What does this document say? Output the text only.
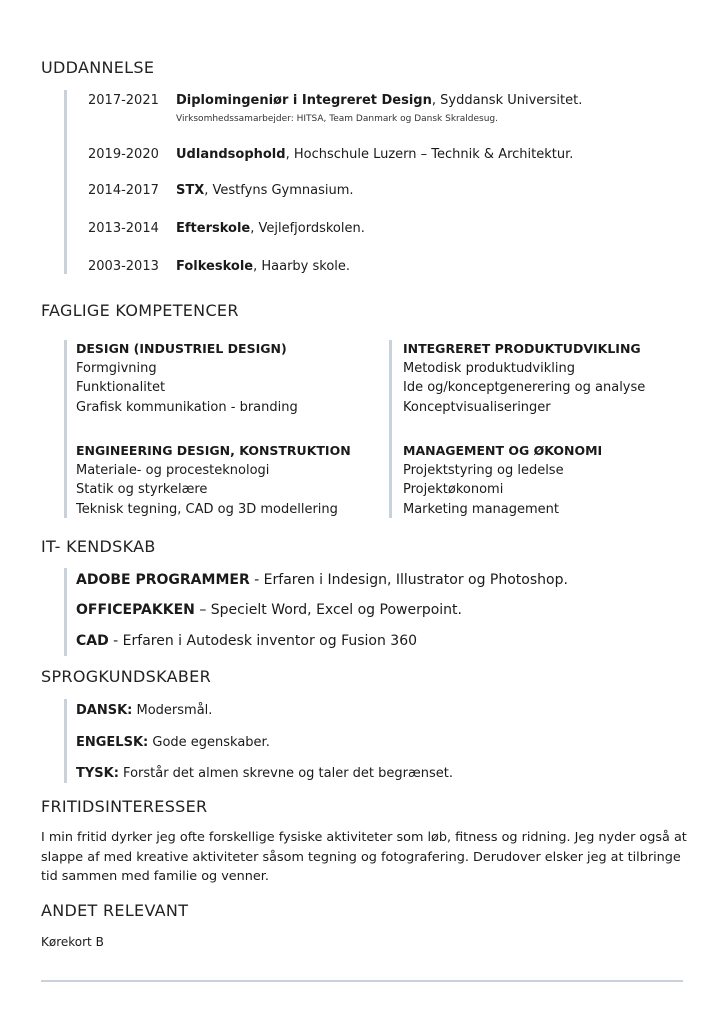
UDDANNELSE
2017-2021 Diplomingeniør i Integreret Design, Syddansk Universitet.
Virksomhedssamarbejder: HITSA, Team Danmark og Dansk Skraldesug.
2019-2020 Udlandsophold, Hochschule Luzern – Technik & Architektur.
2014-2017 STX, Vestfyns Gymnasium.
2013-2014 Efterskole, Vejlefjordskolen.
2003-2013 Folkeskole, Haarby skole.
FAGLIGE KOMPETENCER
DESIGN (INDUSTRIEL DESIGN)
Formgivning
Funktionalitet
Grafisk kommunikation - branding
ENGINEERING DESIGN, KONSTRUKTION
Materiale- og procesteknologi
Statik og styrkelære
Teknisk tegning, CAD og 3D modellering
INTEGRERET PRODUKTUDVIKLING
Metodisk produktudvikling
Ide og/konceptgenerering og analyse
Konceptvisualiseringer
MANAGEMENT OG ØKONOMI
Projektstyring og ledelse
Projektøkonomi
Marketing management
IT- KENDSKAB
ADOBE PROGRAMMER - Erfaren i Indesign, Illustrator og Photoshop.
OFFICEPAKKEN – Specielt Word, Excel og Powerpoint.
CAD - Erfaren i Autodesk inventor og Fusion 360
SPROGKUNDSKABER
DANSK: Modersmål.
ENGELSK: Gode egenskaber.
TYSK: Forstår det almen skrevne og taler det begrænset.
FRITIDSINTERESSER

I min fritid dyrker jeg ofte forskellige fysiske aktiviteter som løb, fitness og ridning. Jeg nyder også at slappe af med kreative aktiviteter såsom tegning og fotografering. Derudover elsker jeg at tilbringe tid sammen med familie og venner.

ANDET RELEVANT
Kørekort B
